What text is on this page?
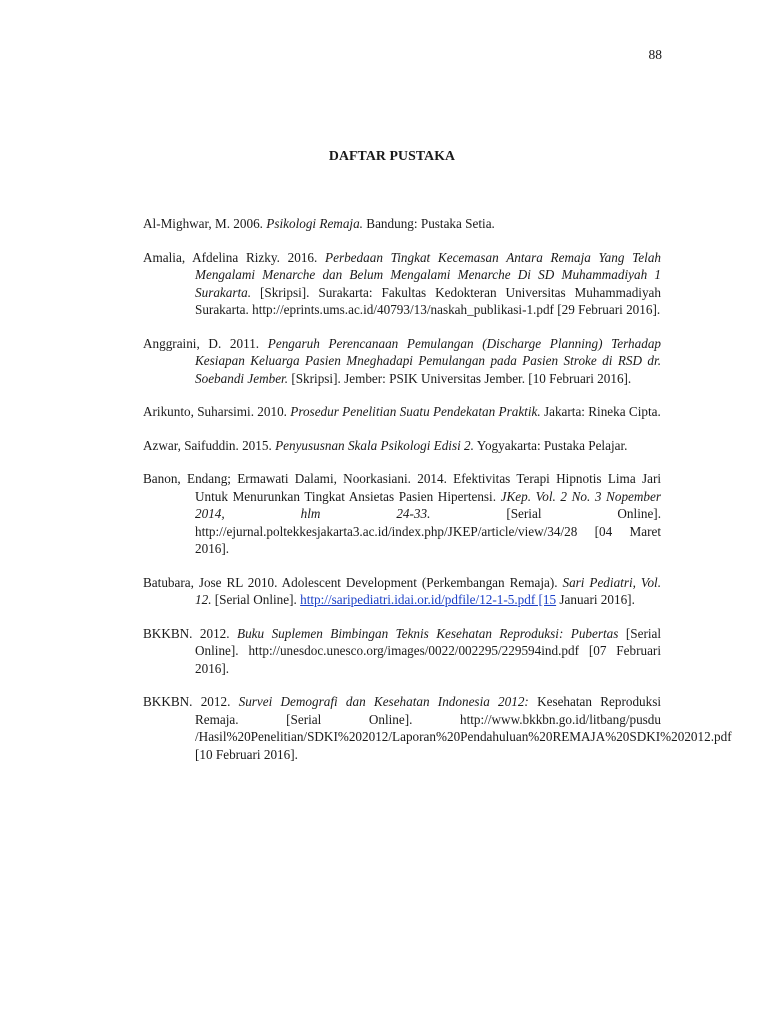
88
DAFTAR PUSTAKA

Al-Mighwar, M. 2006. Psikologi Remaja. Bandung: Pustaka Setia.

Amalia, Afdelina Rizky. 2016. Perbedaan Tingkat Kecemasan Antara Remaja Yang Telah Mengalami Menarche dan Belum Mengalami Menarche Di SD Muhammadiyah 1 Surakarta. [Skripsi]. Surakarta: Fakultas Kedokteran Universitas Muhammadiyah Surakarta. http://eprints.ums.ac.id/40793/13/naskah_publikasi-1.pdf [29 Februari 2016].

Anggraini, D. 2011. Pengaruh Perencanaan Pemulangan (Discharge Planning) Terhadap Kesiapan Keluarga Pasien Mneghadapi Pemulangan pada Pasien Stroke di RSD dr. Soebandi Jember. [Skripsi]. Jember: PSIK Universitas Jember. [10 Februari 2016].

Arikunto, Suharsimi. 2010. Prosedur Penelitian Suatu Pendekatan Praktik. Jakarta: Rineka Cipta.

Azwar, Saifuddin. 2015. Penyususnan Skala Psikologi Edisi 2. Yogyakarta: Pustaka Pelajar.

Banon, Endang; Ermawati Dalami, Noorkasiani. 2014. Efektivitas Terapi Hipnotis Lima Jari Untuk Menurunkan Tingkat Ansietas Pasien Hipertensi. JKep. Vol. 2 No. 3 Nopember 2014, hlm 24-33.	[Serial Online]. http://ejurnal.poltekkesjakarta3.ac.id/index.php/JKEP/article/view/34/28 [04 Maret 2016].

Batubara, Jose RL 2010. Adolescent Development (Perkembangan Remaja). Sari Pediatri, Vol. 12. [Serial Online]. http://saripediatri.idai.or.id/pdfile/12-1-5.pdf [15 Januari 2016].

BKKBN. 2012. Buku Suplemen Bimbingan Teknis Kesehatan Reproduksi: Pubertas [Serial Online]. http://unesdoc.unesco.org/images/0022/002295/229594ind.pdf [07 Februari 2016].

BKKBN. 2012. Survei Demografi dan Kesehatan Indonesia 2012: Kesehatan Reproduksi Remaja. [Serial Online]. http://www.bkkbn.go.id/litbang/pusdu /Hasil%20Penelitian/SDKI%202012/Laporan%20Pendahuluan%20REMAJA%20SDKI%202012.pdf [10 Februari 2016].
